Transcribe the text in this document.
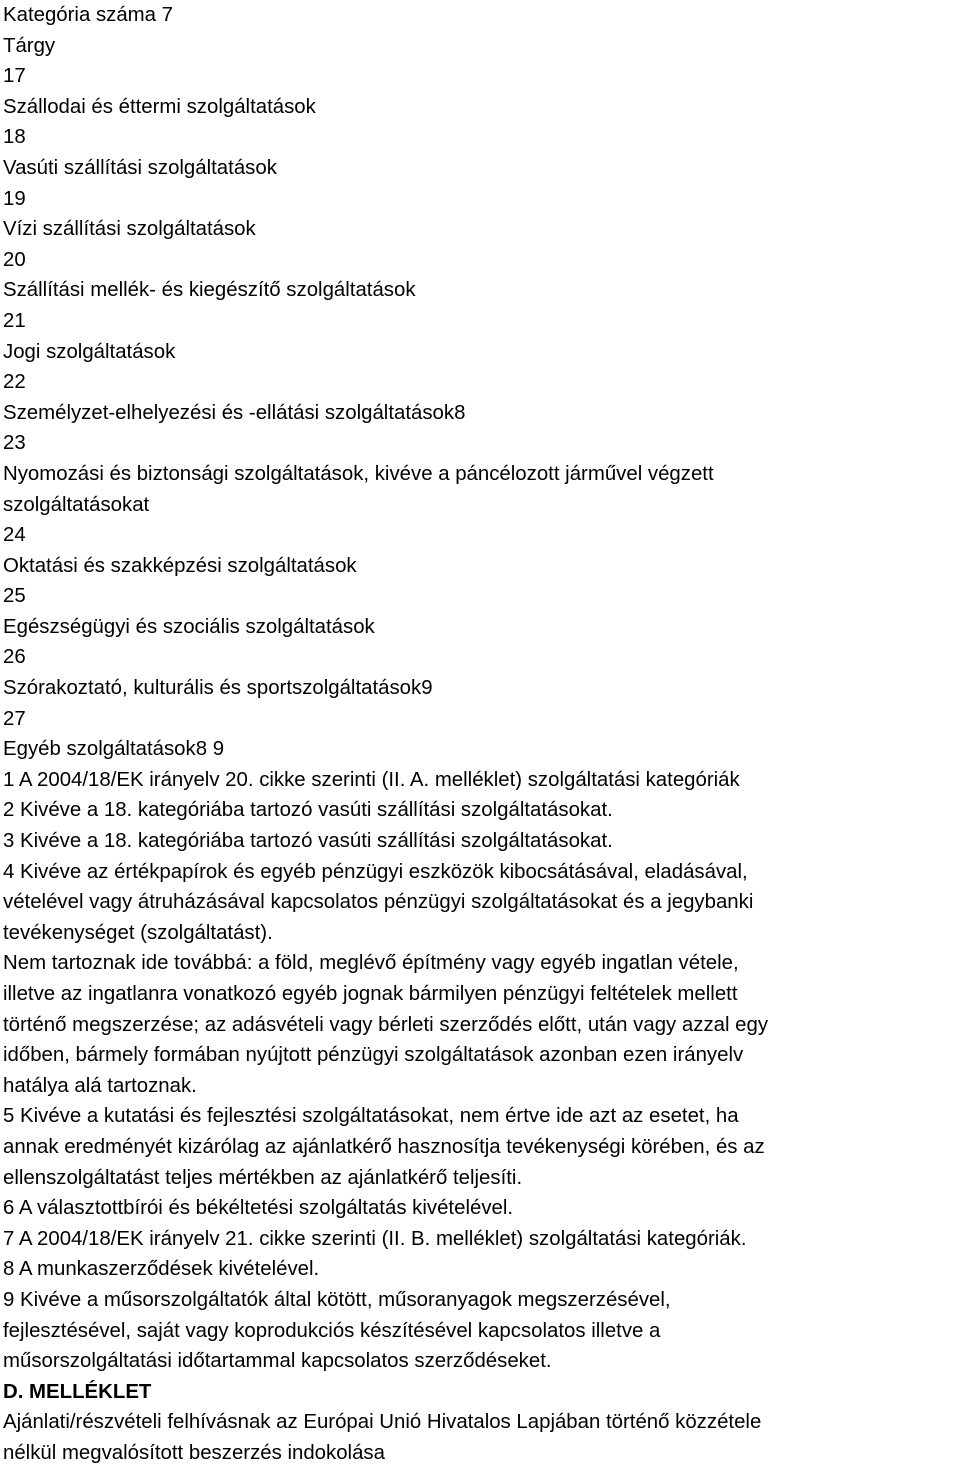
Kategória száma 7
Tárgy
17
Szállodai és éttermi szolgáltatások
18
Vasúti szállítási szolgáltatások
19
Vízi szállítási szolgáltatások
20
Szállítási mellék- és kiegészítő szolgáltatások
21
Jogi szolgáltatások
22
Személyzet-elhelyezési és -ellátási szolgáltatások8
23
Nyomozási és biztonsági szolgáltatások, kivéve a páncélozott járművel végzett
szolgáltatásokat
24
Oktatási és szakképzési szolgáltatások
25
Egészségügyi és szociális szolgáltatások
26
Szórakoztató, kulturális és sportszolgáltatások9
27
Egyéb szolgáltatások8 9
1 A 2004/18/EK irányelv 20. cikke szerinti (II. A. melléklet) szolgáltatási kategóriák
2 Kivéve a 18. kategóriába tartozó vasúti szállítási szolgáltatásokat.
3 Kivéve a 18. kategóriába tartozó vasúti szállítási szolgáltatásokat.
4 Kivéve az értékpapírok és egyéb pénzügyi eszközök kibocsátásával, eladásával,
vételével vagy átruházásával kapcsolatos pénzügyi szolgáltatásokat és a jegybanki
tevékenységet (szolgáltatást).
Nem tartoznak ide továbbá: a föld, meglévő építmény vagy egyéb ingatlan vétele,
illetve az ingatlanra vonatkozó egyéb jognak bármilyen pénzügyi feltételek mellett
történő megszerzése; az adásvételi vagy bérleti szerződés előtt, után vagy azzal egy
időben, bármely formában nyújtott pénzügyi szolgáltatások azonban ezen irányelv
hatálya alá tartoznak.
5 Kivéve a kutatási és fejlesztési szolgáltatásokat, nem értve ide azt az esetet, ha
annak eredményét kizárólag az ajánlatkérő hasznosítja tevékenységi körében, és az
ellenszolgáltatást teljes mértékben az ajánlatkérő teljesíti.
6 A választottbírói és békéltetési szolgáltatás kivételével.
7 A 2004/18/EK irányelv 21. cikke szerinti (II. B. melléklet) szolgáltatási kategóriák.
8 A munkaszerződések kivételével.
9 Kivéve a műsorszolgáltatók által kötött, műsoranyagok megszerzésével,
fejlesztésével, saját vagy koprodukciós készítésével kapcsolatos illetve a
műsorszolgáltatási időtartammal kapcsolatos szerződéseket.
D. MELLÉKLET
Ajánlati/részvételi felhívásnak az Európai Unió Hivatalos Lapjában történő közzétele
nélkül megvalósított beszerzés indokolása
